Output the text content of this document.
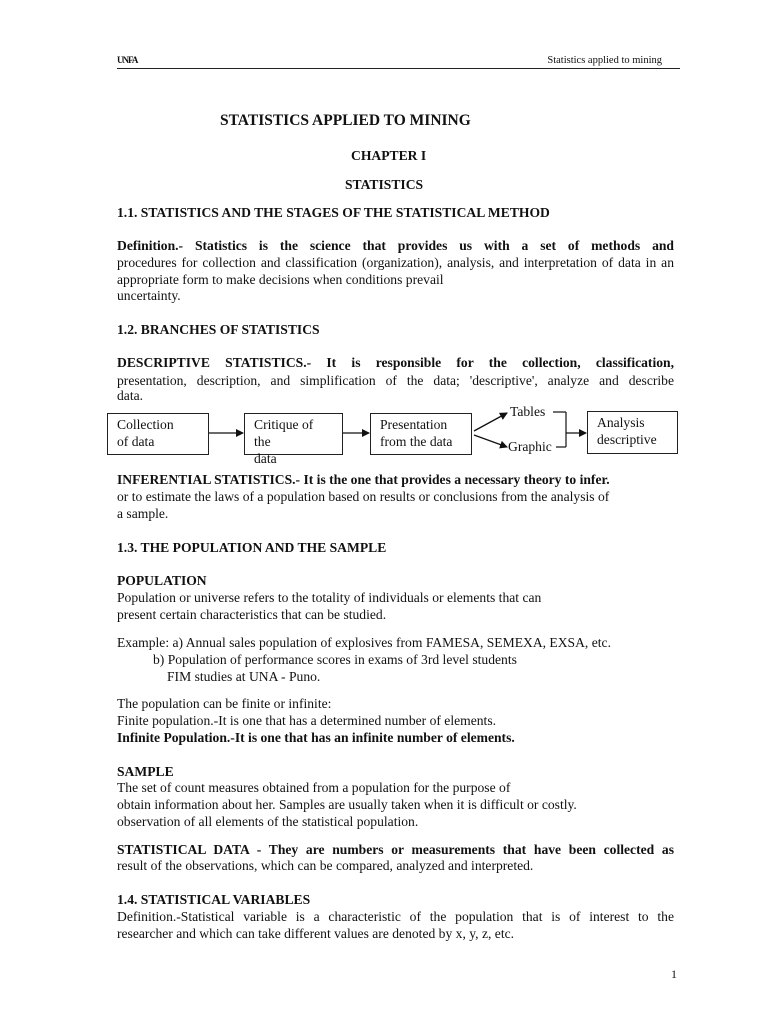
UNFA	Statistics applied to mining
STATISTICS APPLIED TO MINING
CHAPTER I
STATISTICS
1.1. STATISTICS AND THE STAGES OF THE STATISTICAL METHOD
Definition.- Statistics is the science that provides us with a set of methods and
procedures for collection and classification (organization), analysis, and interpretation of data in an appropriate form to make decisions when conditions prevail
uncertainty.
1.2. BRANCHES OF STATISTICS
DESCRIPTIVE STATISTICS.- It is responsible for the collection, classification,
presentation, description, and simplification of the data; 'descriptive', analyze and describe
data.
Collection
of data
Critique of the
data
Presentation
from the data
Tables
Graphic
Analysis
descriptive
INFERENTIAL STATISTICS.- It is the one that provides a necessary theory to infer.
or to estimate the laws of a population based on results or conclusions from the analysis of
a sample.
1.3. THE POPULATION AND THE SAMPLE
POPULATION
Population or universe refers to the totality of individuals or elements that can
present certain characteristics that can be studied.
Example: a) Annual sales population of explosives from FAMESA, SEMEXA, EXSA, etc.
b) Population of performance scores in exams of 3rd level students
FIM studies at UNA - Puno.
The population can be finite or infinite:
Finite population.-It is one that has a determined number of elements.
Infinite Population.-It is one that has an infinite number of elements.
SAMPLE
The set of count measures obtained from a population for the purpose of
obtain information about her. Samples are usually taken when it is difficult or costly.
observation of all elements of the statistical population.
STATISTICAL DATA - They are numbers or measurements that have been collected as
result of the observations, which can be compared, analyzed and interpreted.
1.4. STATISTICAL VARIABLES
Definition.-Statistical variable is a characteristic of the population that is of interest to the
researcher and which can take different values are denoted by x, y, z, etc.
1
